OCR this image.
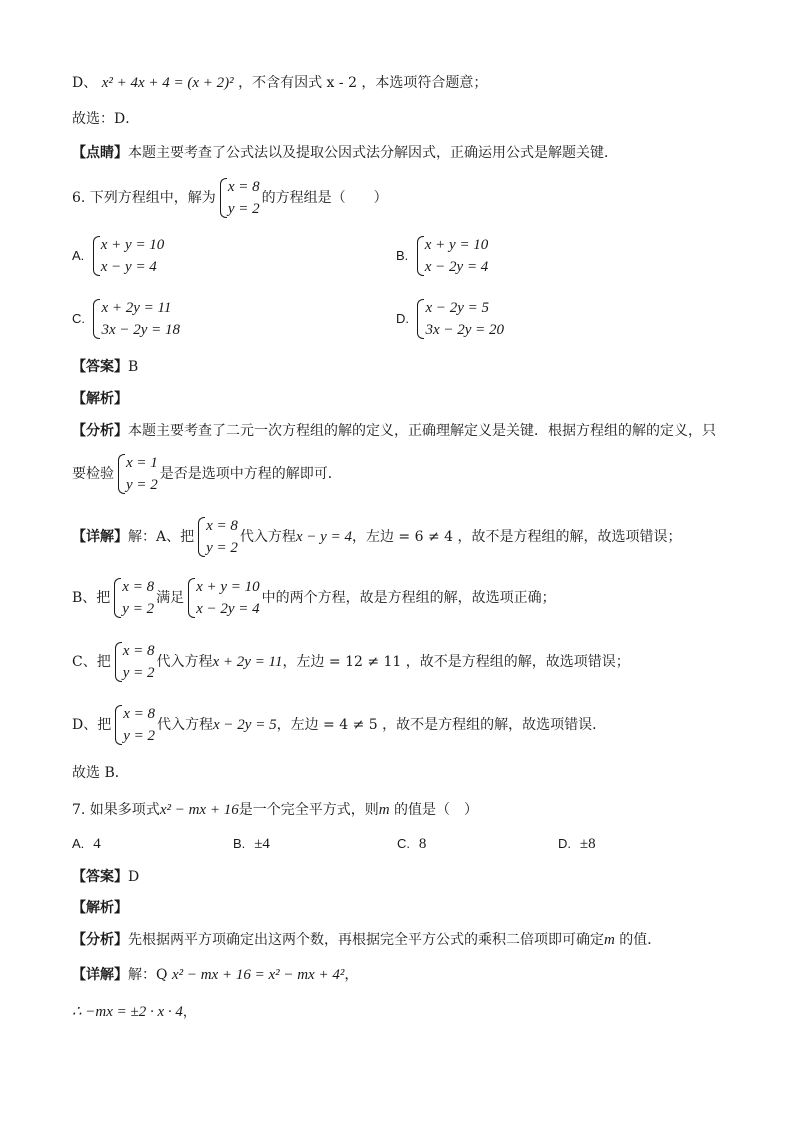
D、 x² + 4x + 4 = (x + 2)² ，不含有因式 x - 2 ，本选项符合题意；
故选：D．
【点睛】本题主要考查了公式法以及提取公因式法分解因式，正确运用公式是解题关键．
6. 下列方程组中，解为
x = 8
y = 2
的方程组是（　　）
A.
x + y = 10
x − y = 4
B.
x + y = 10
x − 2y = 4
C.
x + 2y = 11
3x − 2y = 18
D.
x − 2y = 5
3x − 2y = 20
【答案】B
【解析】
【分析】本题主要考查了二元一次方程组的解的定义，正确理解定义是关键．根据方程组的解的定义，只
要检验
x = 1
y = 2
是否是选项中方程的解即可．
【详解】解：A、把
x = 8
y = 2
代入方程x − y = 4，左边 = 6 ≠ 4 ，故不是方程组的解，故选项错误；
B、把
x = 8
y = 2
满足
x + y = 10
x − 2y = 4
中的两个方程，故是方程组的解，故选项正确；
C、把
x = 8
y = 2
代入方程x + 2y = 11，左边 = 12 ≠ 11 ，故不是方程组的解，故选项错误；
D、把
x = 8
y = 2
代入方程x − 2y = 5，左边 = 4 ≠ 5 ，故不是方程组的解，故选项错误．
故选 B．
7. 如果多项式x² − mx + 16是一个完全平方式，则m 的值是（　）
A. 4	B. ±4	C. 8	D. ±8
【答案】D
【解析】
【分析】先根据两平方项确定出这两个数，再根据完全平方公式的乘积二倍项即可确定m 的值．
【详解】解：Q x² − mx + 16 = x² − mx + 4²，
∴ −mx = ±2 · x · 4，
